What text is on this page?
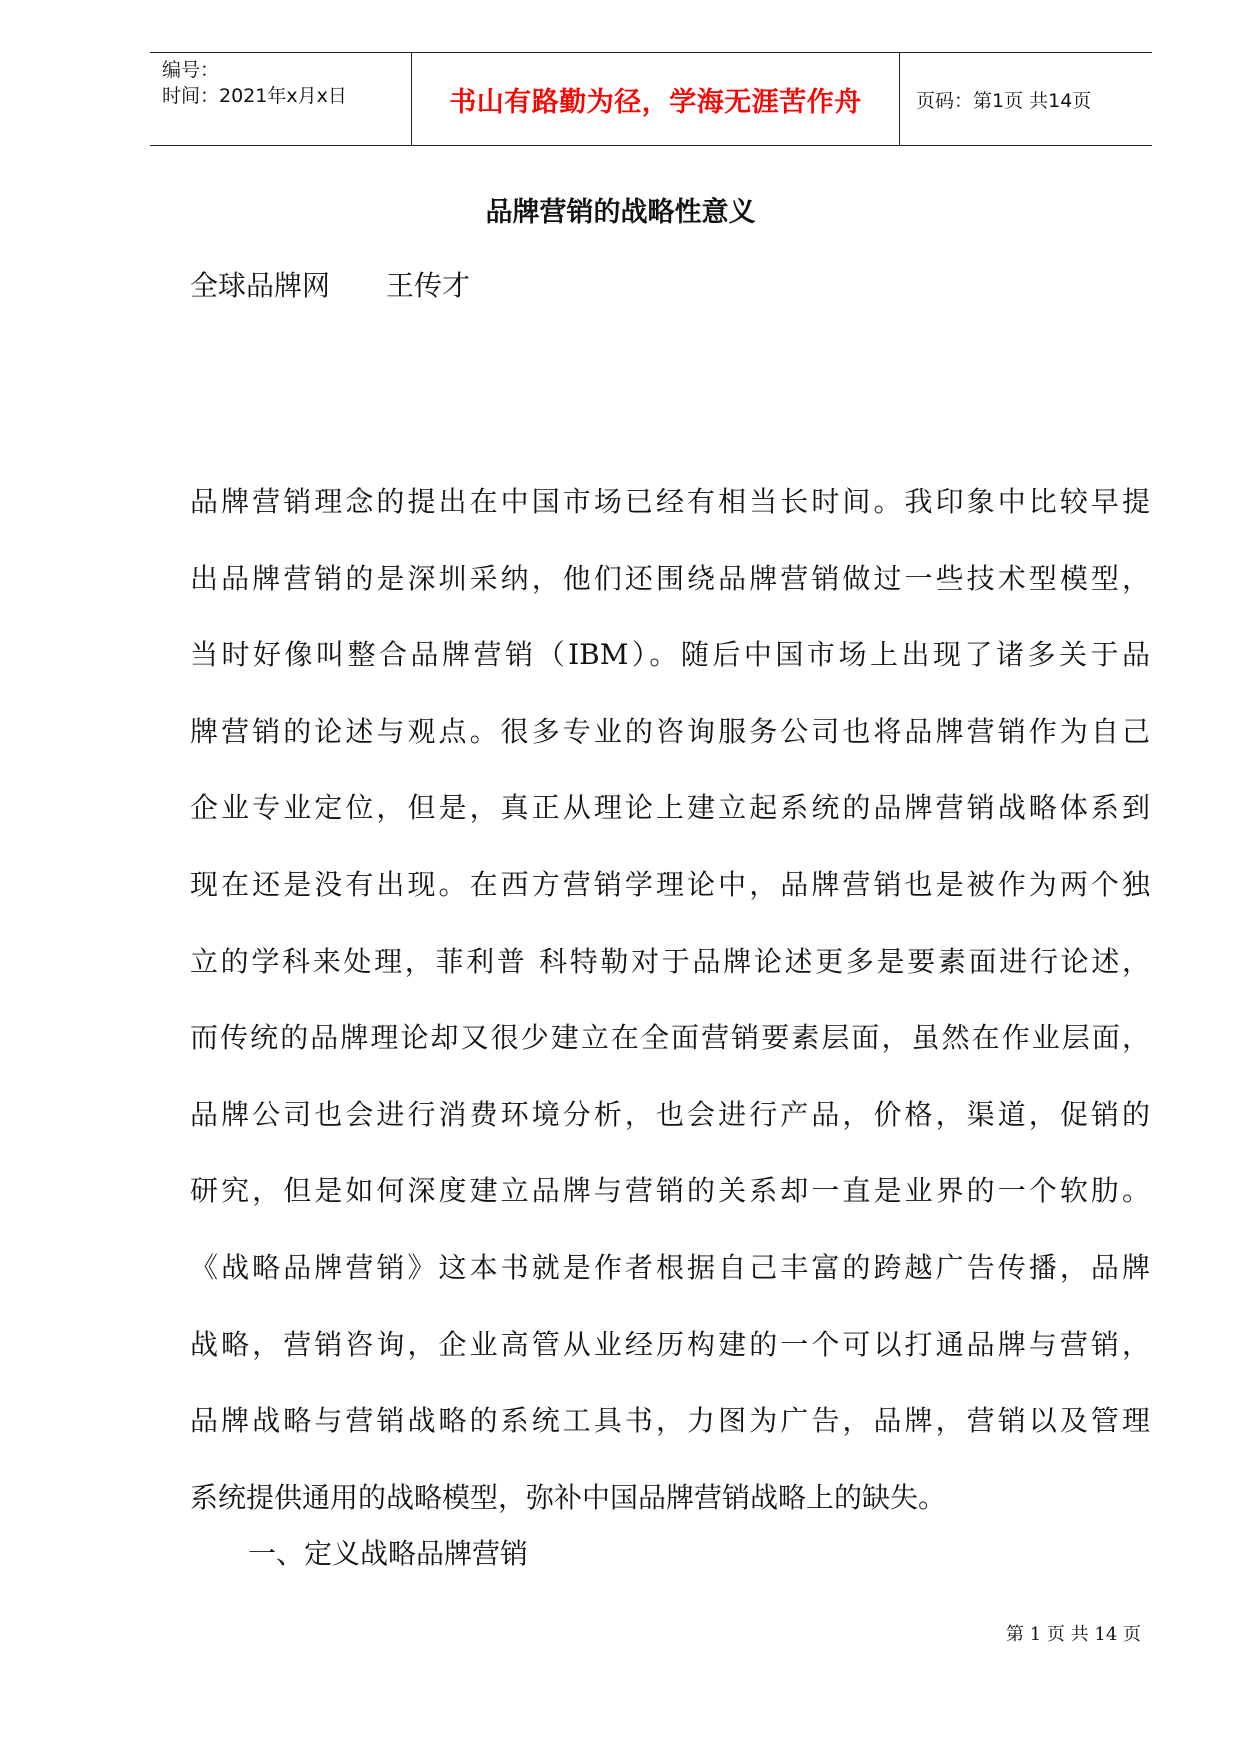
编号：
时间：2021年x月x日	书山有路勤为径，学海无涯苦作舟	页码：第1页 共14页
品牌营销的战略性意义
全球品牌网 王传才
品牌营销理念的提出在中国市场已经有相当长时间。我印象中比较早提
出品牌营销的是深圳采纳，他们还围绕品牌营销做过一些技术型模型，
当时好像叫整合品牌营销（IBM）。随后中国市场上出现了诸多关于品
牌营销的论述与观点。很多专业的咨询服务公司也将品牌营销作为自己
企业专业定位，但是，真正从理论上建立起系统的品牌营销战略体系到
现在还是没有出现。在西方营销学理论中，品牌营销也是被作为两个独
立的学科来处理，菲利普 科特勒对于品牌论述更多是要素面进行论述，
而传统的品牌理论却又很少建立在全面营销要素层面，虽然在作业层面，
品牌公司也会进行消费环境分析，也会进行产品，价格，渠道，促销的
研究，但是如何深度建立品牌与营销的关系却一直是业界的一个软肋。
《战略品牌营销》这本书就是作者根据自己丰富的跨越广告传播，品牌
战略，营销咨询，企业高管从业经历构建的一个可以打通品牌与营销，
品牌战略与营销战略的系统工具书，力图为广告，品牌，营销以及管理
系统提供通用的战略模型，弥补中国品牌营销战略上的缺失。
一、定义战略品牌营销
第 1 页 共 14 页
